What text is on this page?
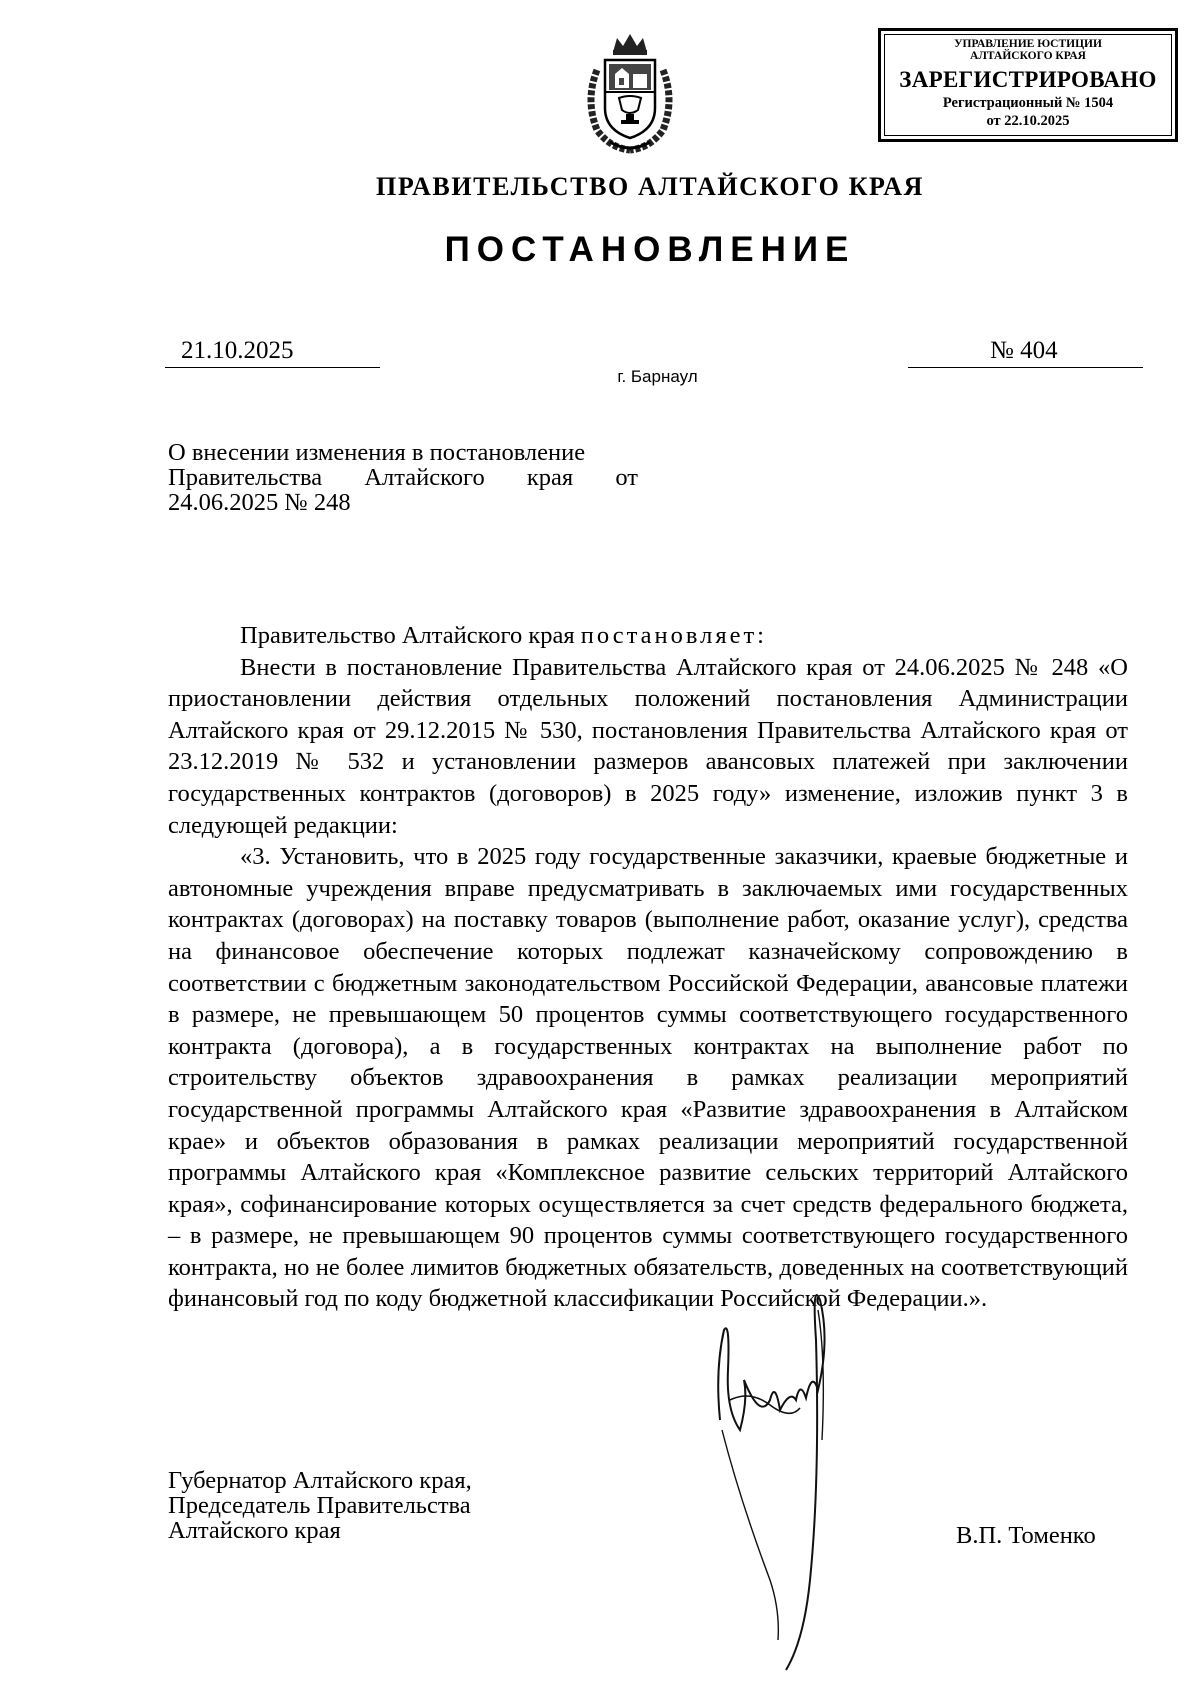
УПРАВЛЕНИЕ ЮСТИЦИИ
АЛТАЙСКОГО КРАЯ
ЗАРЕГИСТРИРОВАНО
Регистрационный № 1504
от 22.10.2025
ПРАВИТЕЛЬСТВО АЛТАЙСКОГО КРАЯ
ПОСТАНОВЛЕНИЕ
21.10.2025	№ 404
г. Барнаул
О внесении изменения в постановление
Правительства Алтайского края от
24.06.2025 № 248

Правительство Алтайского края постановляет:

Внести в постановление Правительства Алтайского края от 24.06.2025 № 248 «О приостановлении действия отдельных положений постановления Администрации Алтайского края от 29.12.2015 № 530, постановления Правительства Алтайского края от 23.12.2019 № 532 и установлении размеров авансовых платежей при заключении государственных контрактов (договоров) в 2025 году» изменение, изложив пункт 3 в следующей редакции:

«3. Установить, что в 2025 году государственные заказчики, краевые бюджетные и автономные учреждения вправе предусматривать в заключаемых ими государственных контрактах (договорах) на поставку товаров (выполнение работ, оказание услуг), средства на финансовое обеспечение которых подлежат казначейскому сопровождению в соответствии с бюджетным законодательством Российской Федерации, авансовые платежи в размере, не превышающем 50 процентов суммы соответствующего государственного контракта (договора), а в государственных контрактах на выполнение работ по строительству объектов здравоохранения в рамках реализации мероприятий государственной программы Алтайского края «Развитие здравоохранения в Алтайском крае» и объектов образования в рамках реализации мероприятий государственной программы Алтайского края «Комплексное развитие сельских территорий Алтайского края», софинансирование которых осуществляется за счет средств федерального бюджета, – в размере, не превышающем 90 процентов суммы соответствующего государственного контракта, но не более лимитов бюджетных обязательств, доведенных на соответствующий финансовый год по коду бюджетной классификации Российской Федерации.».

Губернатор Алтайского края,
Председатель Правительства
Алтайского края	В.П. Томенко
